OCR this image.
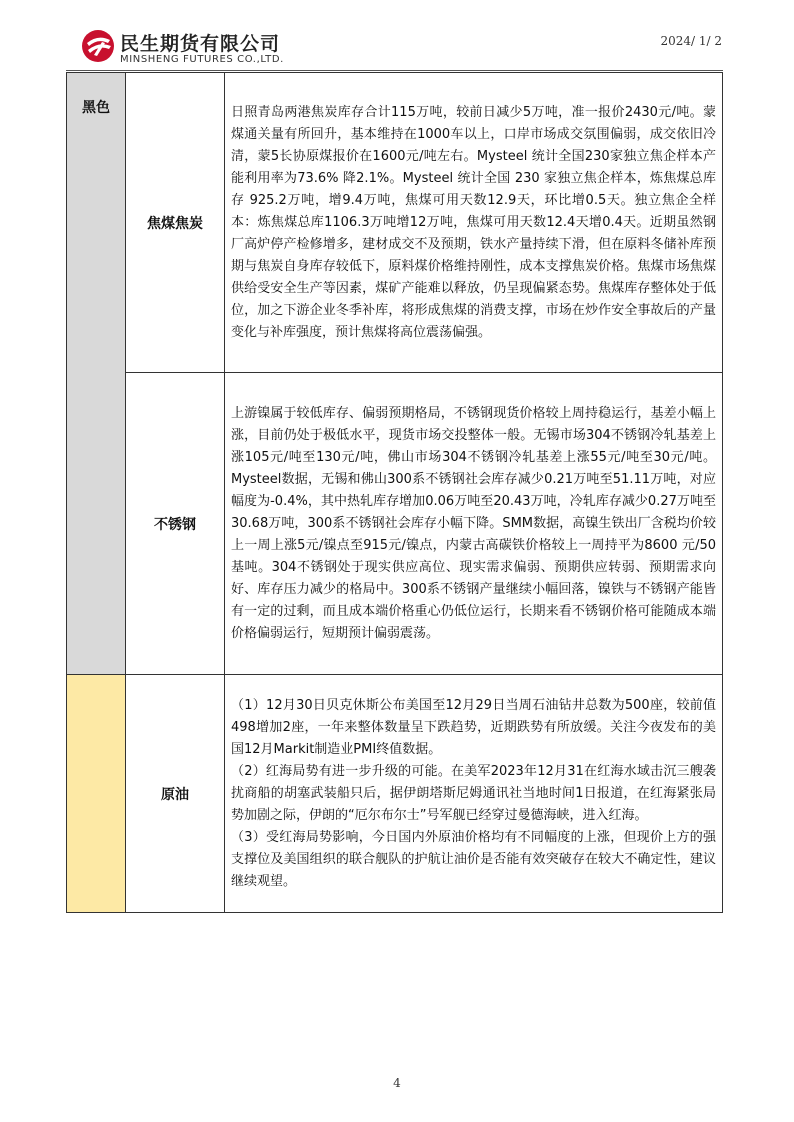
民生期货有限公司
MINSHENG FUTURES CO.,LTD.
2024/ 1/ 2
黑色	焦煤焦炭	日照青岛两港焦炭库存合计115万吨，较前日减少5万吨，准一报价2430元/吨。蒙煤通关量有所回升，基本维持在1000车以上，口岸市场成交氛围偏弱，成交依旧冷清，蒙5长协原煤报价在1600元/吨左右。Mysteel 统计全国230家独立焦企样本产能利用率为73.6% 降2.1%。Mysteel 统计全国 230 家独立焦企样本，炼焦煤总库存 925.2万吨，增9.4万吨，焦煤可用天数12.9天，环比增0.5天。独立焦企全样本：炼焦煤总库1106.3万吨增12万吨，焦煤可用天数12.4天增0.4天。近期虽然钢厂高炉停产检修增多，建材成交不及预期，铁水产量持续下滑，但在原料冬储补库预期与焦炭自身库存较低下，原料煤价格维持刚性，成本支撑焦炭价格。焦煤市场焦煤供给受安全生产等因素，煤矿产能难以释放，仍呈现偏紧态势。焦煤库存整体处于低位，加之下游企业冬季补库，将形成焦煤的消费支撑，市场在炒作安全事故后的产量变化与补库强度，预计焦煤将高位震荡偏强。

	不锈钢	上游镍属于较低库存、偏弱预期格局，不锈钢现货价格较上周持稳运行，基差小幅上涨，目前仍处于极低水平，现货市场交投整体一般。无锡市场304不锈钢冷轧基差上涨105元/吨至130元/吨，佛山市场304不锈钢冷轧基差上涨55元/吨至30元/吨。Mysteel数据，无锡和佛山300系不锈钢社会库存减少0.21万吨至51.11万吨，对应幅度为-0.4%，其中热轧库存增加0.06万吨至20.43万吨，冷轧库存减少0.27万吨至30.68万吨，300系不锈钢社会库存小幅下降。SMM数据，高镍生铁出厂含税均价较上一周上涨5元/镍点至915元/镍点，内蒙古高碳铁价格较上一周持平为8600 元/50基吨。304不锈钢处于现实供应高位、现实需求偏弱、预期供应转弱、预期需求向好、库存压力减少的格局中。300系不锈钢产量继续小幅回落，镍铁与不锈钢产能皆有一定的过剩，而且成本端价格重心仍低位运行，长期来看不锈钢价格可能随成本端价格偏弱运行，短期预计偏弱震荡。

	原油	（1）12月30日贝克休斯公布美国至12月29日当周石油钻井总数为500座，较前值498增加2座，一年来整体数量呈下跌趋势，近期跌势有所放缓。关注今夜发布的美国12月Markit制造业PMI终值数据。

（2）红海局势有进一步升级的可能。在美军2023年12月31在红海水域击沉三艘袭扰商船的胡塞武装船只后，据伊朗塔斯尼姆通讯社当地时间1日报道，在红海紧张局势加剧之际，伊朗的“厄尔布尔士”号军舰已经穿过曼德海峡，进入红海。

（3）受红海局势影响，今日国内外原油价格均有不同幅度的上涨，但现价上方的强支撑位及美国组织的联合舰队的护航让油价是否能有效突破存在较大不确定性，建议继续观望。

4
